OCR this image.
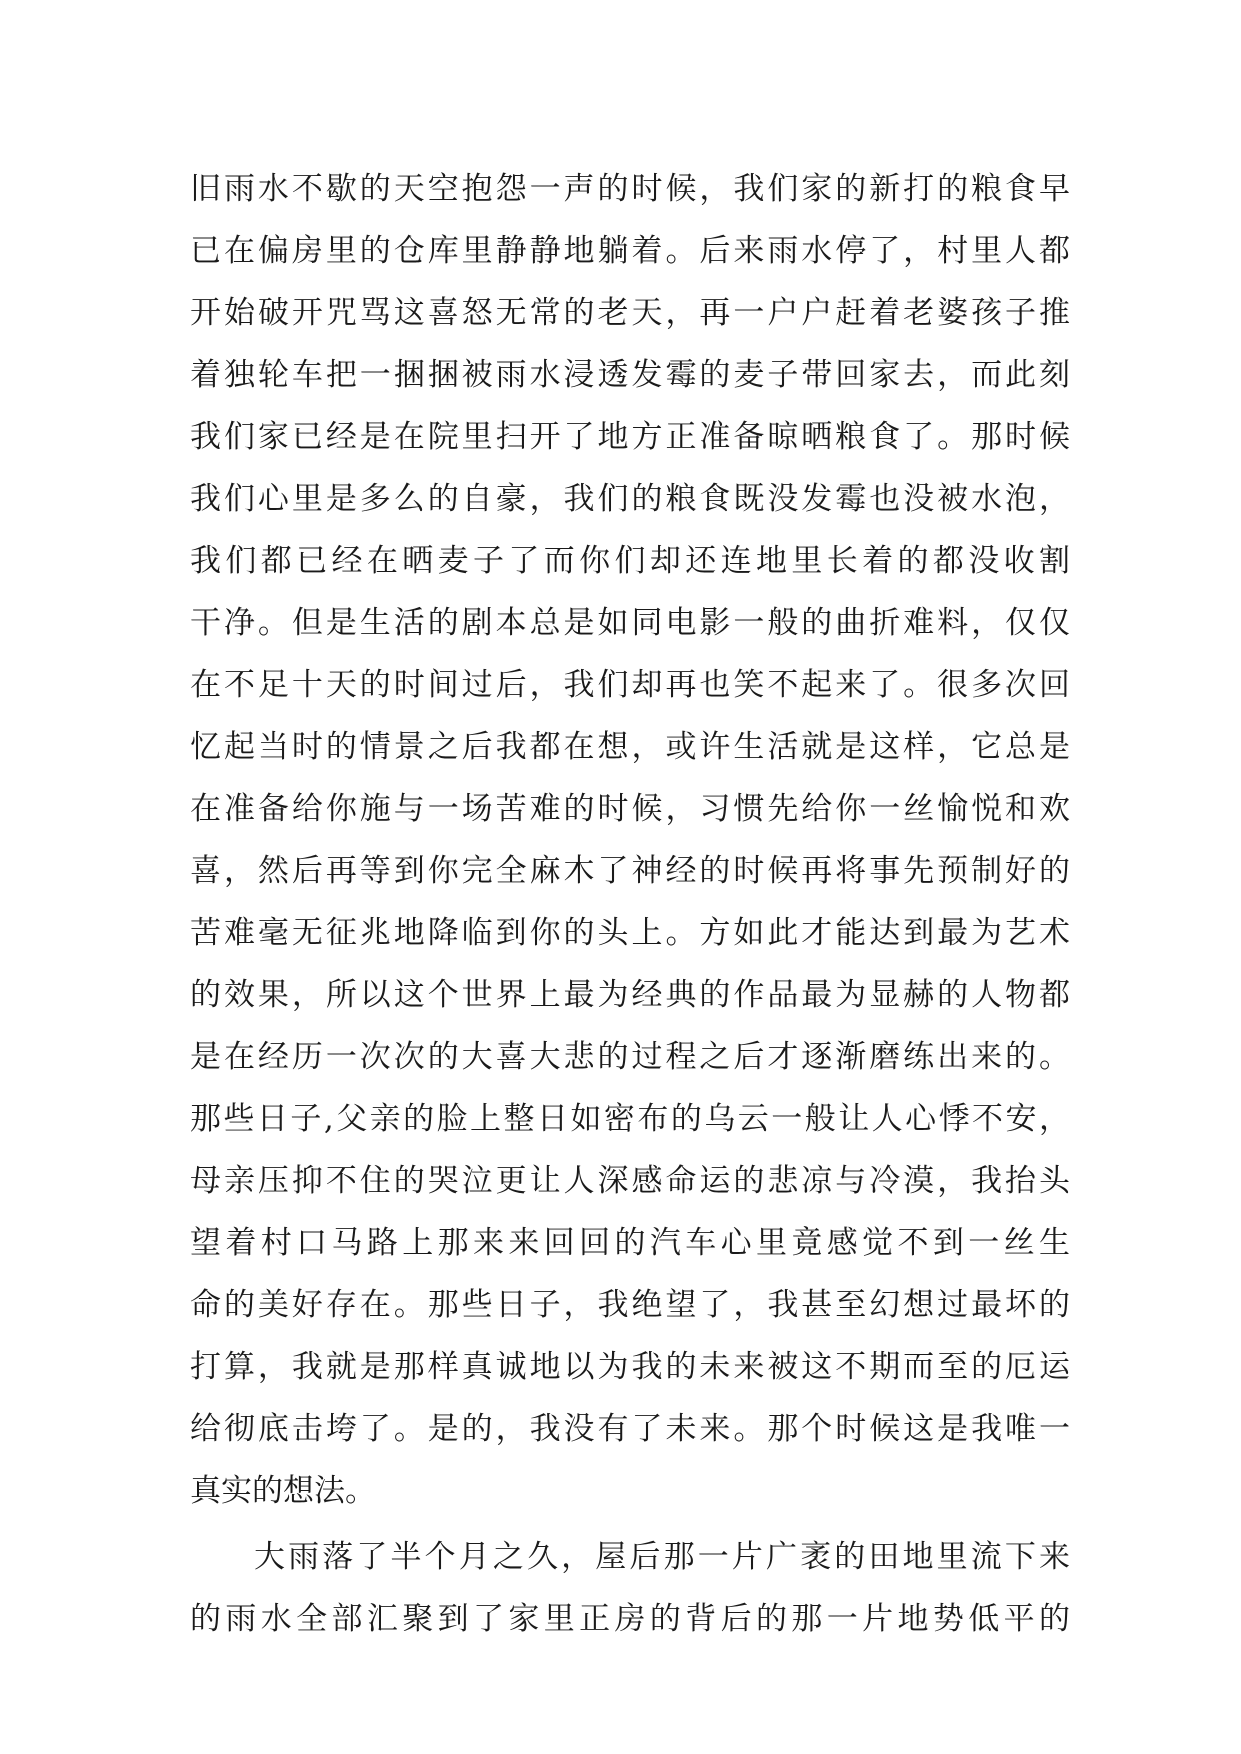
旧雨水不歇的天空抱怨一声的时候，我们家的新打的粮食早
已在偏房里的仓库里静静地躺着。后来雨水停了，村里人都
开始破开咒骂这喜怒无常的老天，再一户户赶着老婆孩子推
着独轮车把一捆捆被雨水浸透发霉的麦子带回家去，而此刻
我们家已经是在院里扫开了地方正准备晾晒粮食了。那时候
我们心里是多么的自豪，我们的粮食既没发霉也没被水泡，
我们都已经在晒麦子了而你们却还连地里长着的都没收割
干净。但是生活的剧本总是如同电影一般的曲折难料，仅仅
在不足十天的时间过后，我们却再也笑不起来了。很多次回
忆起当时的情景之后我都在想，或许生活就是这样，它总是
在准备给你施与一场苦难的时候，习惯先给你一丝愉悦和欢
喜，然后再等到你完全麻木了神经的时候再将事先预制好的
苦难毫无征兆地降临到你的头上。方如此才能达到最为艺术
的效果，所以这个世界上最为经典的作品最为显赫的人物都
是在经历一次次的大喜大悲的过程之后才逐渐磨练出来的。
那些日子,父亲的脸上整日如密布的乌云一般让人心悸不安，
母亲压抑不住的哭泣更让人深感命运的悲凉与冷漠，我抬头
望着村口马路上那来来回回的汽车心里竟感觉不到一丝生
命的美好存在。那些日子，我绝望了，我甚至幻想过最坏的
打算，我就是那样真诚地以为我的未来被这不期而至的厄运
给彻底击垮了。是的，我没有了未来。那个时候这是我唯一
真实的想法。
大雨落了半个月之久，屋后那一片广袤的田地里流下来
的雨水全部汇聚到了家里正房的背后的那一片地势低平的
